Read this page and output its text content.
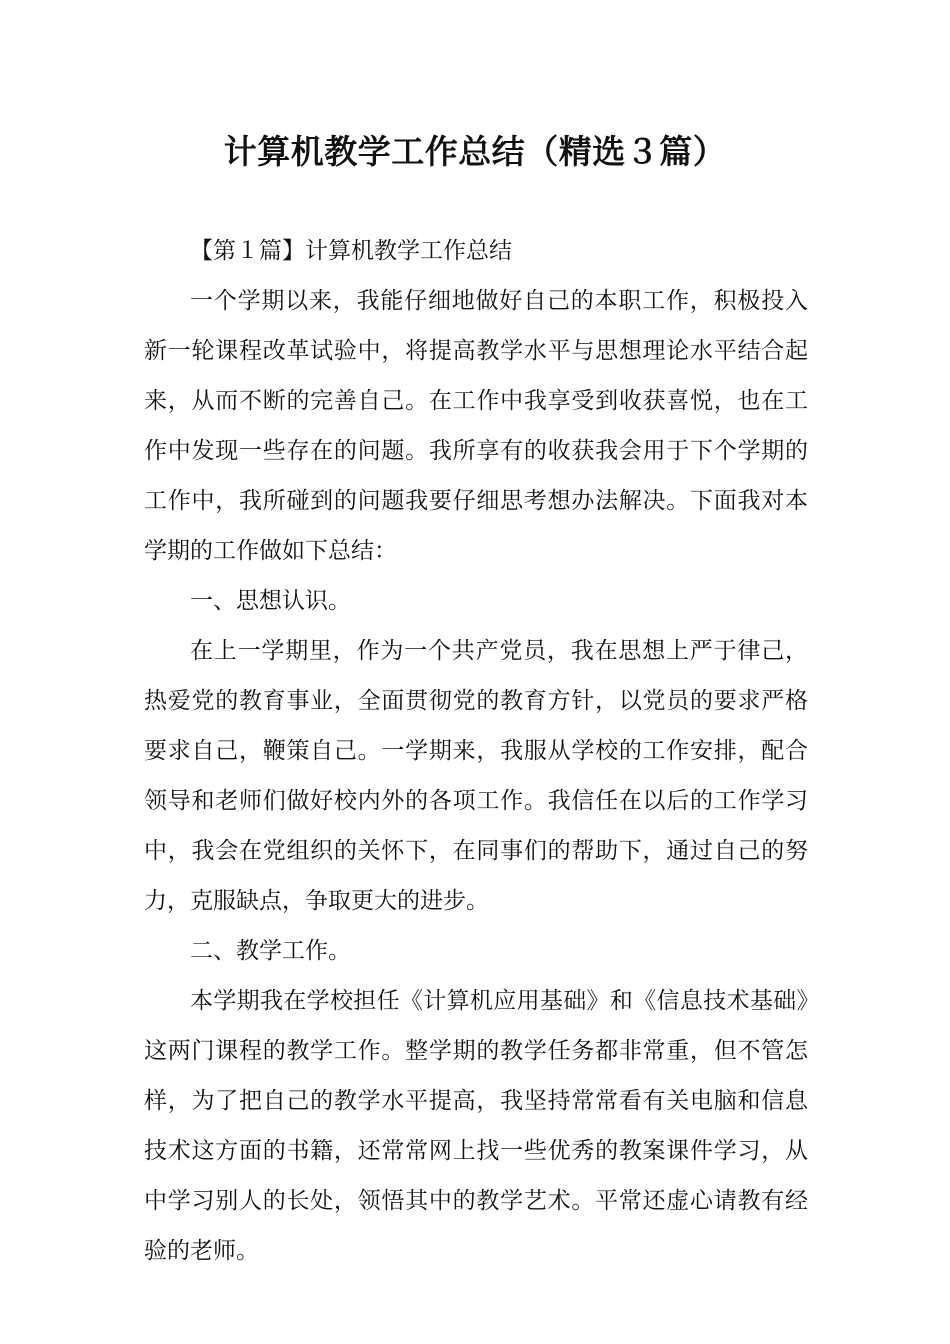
计算机教学工作总结（精选３篇）

【第１篇】计算机教学工作总结

一个学期以来，我能仔细地做好自己的本职工作，积极投入新一轮课程改革试验中，将提高教学水平与思想理论水平结合起来，从而不断的完善自己。在工作中我享受到收获喜悦，也在工作中发现一些存在的问题。我所享有的收获我会用于下个学期的工作中，我所碰到的问题我要仔细思考想办法解决。下面我对本学期的工作做如下总结：

一、思想认识。

在上一学期里，作为一个共产党员，我在思想上严于律己，热爱党的教育事业，全面贯彻党的教育方针，以党员的要求严格要求自己，鞭策自己。一学期来，我服从学校的工作安排，配合领导和老师们做好校内外的各项工作。我信任在以后的工作学习中，我会在党组织的关怀下，在同事们的帮助下，通过自己的努力，克服缺点，争取更大的进步。

二、教学工作。

本学期我在学校担任《计算机应用基础》和《信息技术基础》这两门课程的教学工作。整学期的教学任务都非常重，但不管怎样，为了把自己的教学水平提高，我坚持常常看有关电脑和信息技术这方面的书籍，还常常网上找一些优秀的教案课件学习，从中学习别人的长处，领悟其中的教学艺术。平常还虚心请教有经验的老师。
